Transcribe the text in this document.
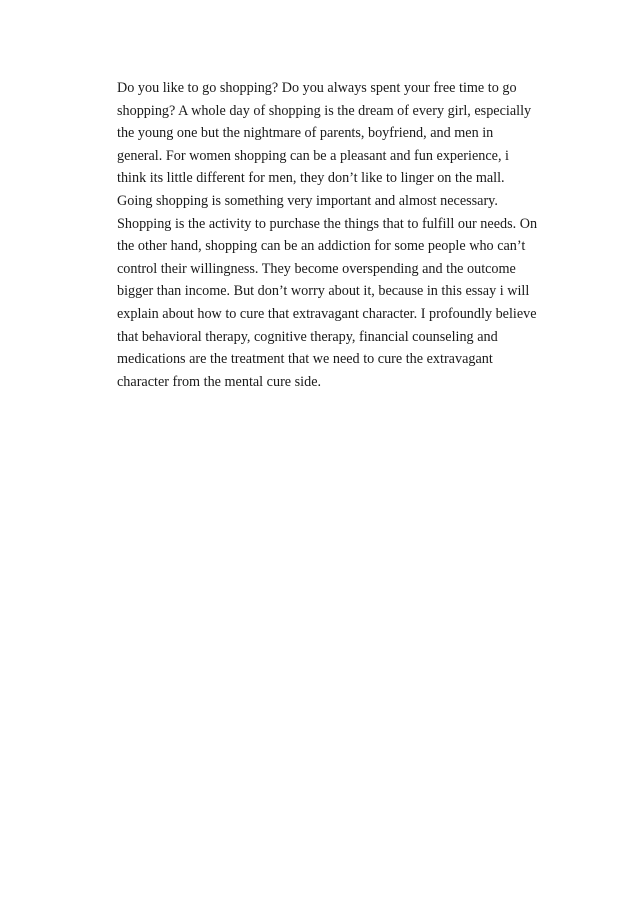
Do you like to go shopping? Do you always spent your free time to go
shopping? A whole day of shopping is the dream of every girl, especially
the young one but the nightmare of parents, boyfriend, and men in
general. For women shopping can be a pleasant and fun experience, i
think its little different for men, they don’t like to linger on the mall.
Going shopping is something very important and almost necessary.
Shopping is the activity to purchase the things that to fulfill our needs. On
the other hand, shopping can be an addiction for some people who can’t
control their willingness. They become overspending and the outcome
bigger than income. But don’t worry about it, because in this essay i will
explain about how to cure that extravagant character. I profoundly believe
that behavioral therapy, cognitive therapy, financial counseling and
medications are the treatment that we need to cure the extravagant
character from the mental cure side.
